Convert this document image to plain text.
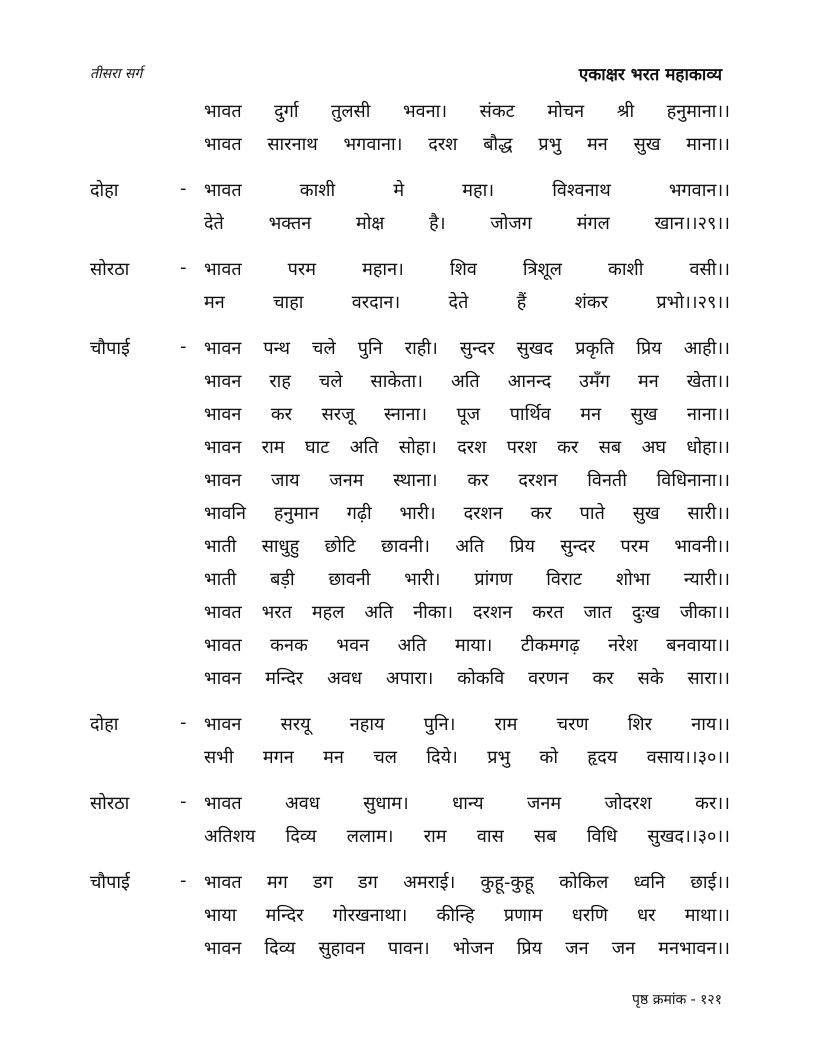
तीसरा सर्ग	एकाक्षर भरत महाकाव्य
भावत दुर्गा तुलसी भवना। संकट मोचन श्री हनुमाना।।
भावत सारनाथ भगवाना। दरश बौद्ध प्रभु मन सुख माना।।
दोहा	- भावत काशी मे महा। विश्वनाथ भगवान।।
देते भक्तन मोक्ष है। जोजग मंगल खान।।२९।।
सोरठा	- भावत परम महान। शिव त्रिशूल काशी वसी।।
मन चाहा वरदान। देते हैं शंकर प्रभो।।२९।।
चौपाई	- भावन पन्थ चले पुनि राही। सुन्दर सुखद प्रकृति प्रिय आही।।
भावन राह चले साकेता। अति आनन्द उमँग मन खेता।।
भावन कर सरजू स्नाना। पूज पार्थिव मन सुख नाना।।
भावन राम घाट अति सोहा। दरश परश कर सब अघ धोहा।।
भावन जाय जनम स्थाना। कर दरशन विनती विधिनाना।।
भावनि हनुमान गढ़ी भारी। दरशन कर पाते सुख सारी।।
भाती साधुहु छोटि छावनी। अति प्रिय सुन्दर परम भावनी।।
भाती बड़ी छावनी भारी। प्रांगण विराट शोभा न्यारी।।
भावत भरत महल अति नीका। दरशन करत जात दुःख जीका।।
भावत कनक भवन अति माया। टीकमगढ़ नरेश बनवाया।।
भावन मन्दिर अवध अपारा। कोकवि वरणन कर सके सारा।।
दोहा	- भावन सरयू नहाय पुनि। राम चरण शिर नाय।।
सभी मगन मन चल दिये। प्रभु को हृदय वसाय।।३०।।
सोरठा	- भावत अवध सुधाम। धान्य जनम जोदरश कर।।
अतिशय दिव्य ललाम। राम वास सब विधि सुखद।।३०।।
चौपाई	- भावत मग डग डग अमराई। कुहू-कुहू कोकिल ध्वनि छाई।।
भाया मन्दिर गोरखनाथा। कीन्हि प्रणाम धरणि धर माथा।।
भावन दिव्य सुहावन पावन। भोजन प्रिय जन जन मनभावन।।
पृष्ठ क्रमांक - १२१
